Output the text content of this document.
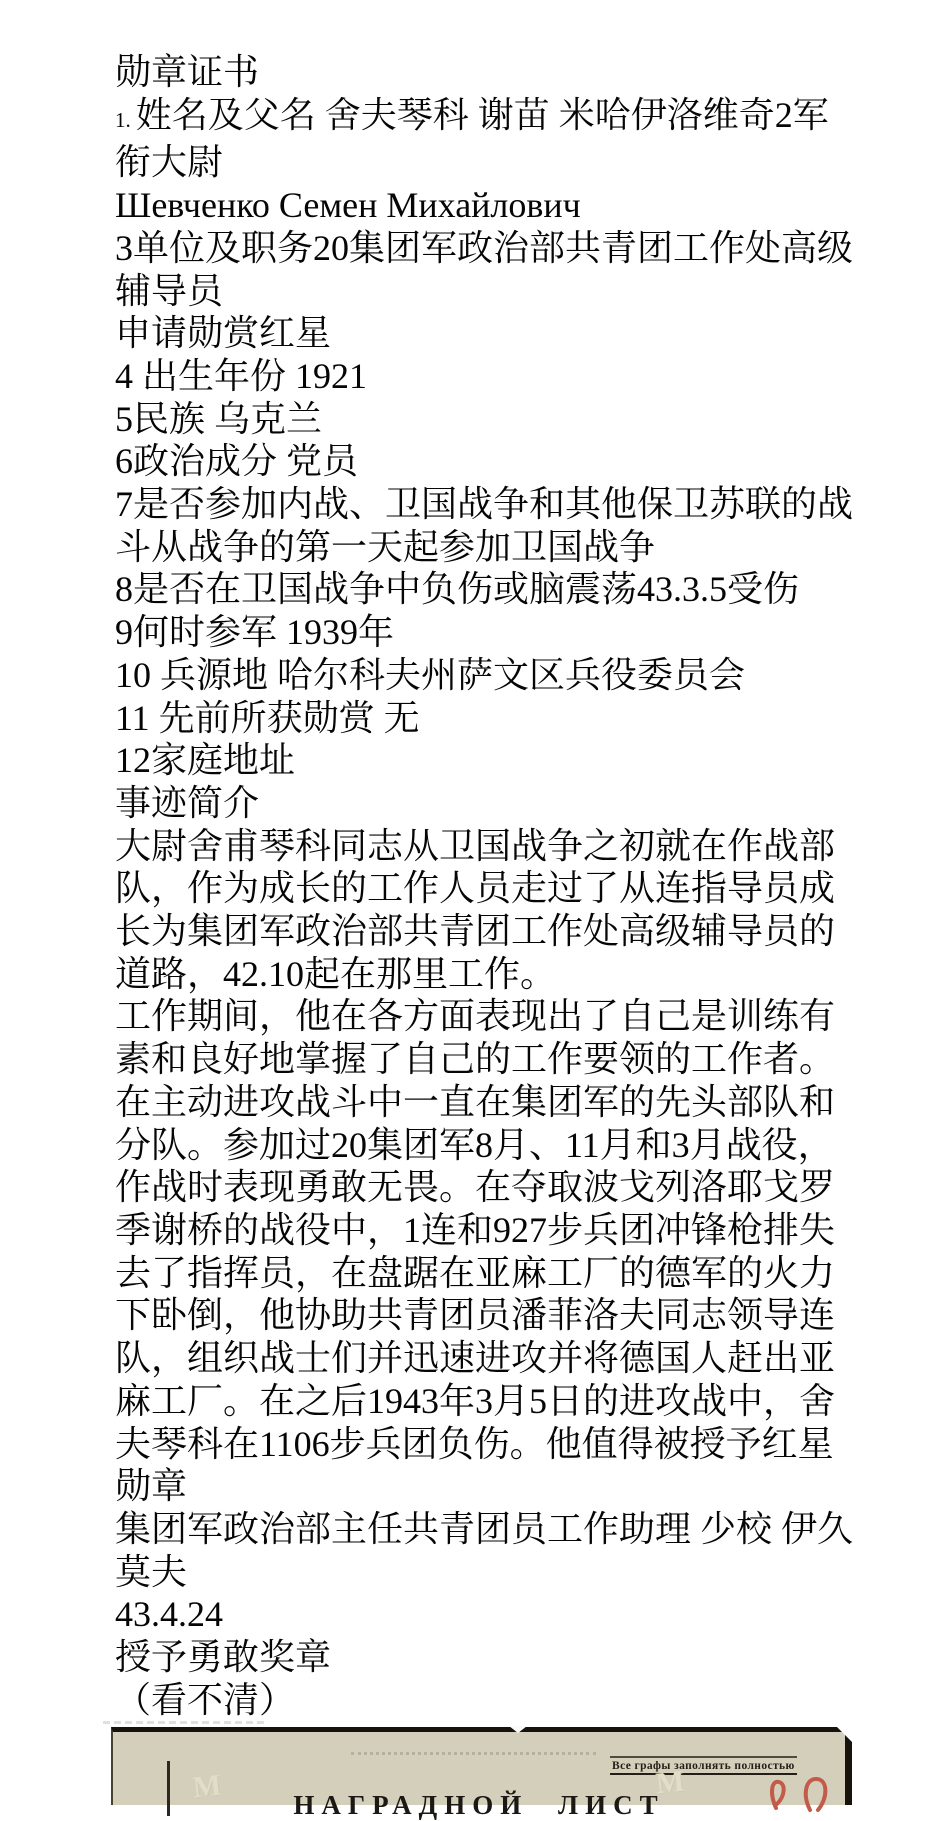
勋章证书
1. 姓名及父名 舍夫琴科 谢苗 米哈伊洛维奇2军
衔大尉
Шевченко Семен Михайлович
3单位及职务20集团军政治部共青团工作处高级
辅导员
申请勋赏红星
4 出生年份 1921
5民族 乌克兰
6政治成分 党员
7是否参加内战、卫国战争和其他保卫苏联的战
斗从战争的第一天起参加卫国战争
8是否在卫国战争中负伤或脑震荡43.3.5受伤
9何时参军 1939年
10 兵源地 哈尔科夫州萨文区兵役委员会
11 先前所获勋赏 无
12家庭地址
事迹简介
大尉舍甫琴科同志从卫国战争之初就在作战部
队，作为成长的工作人员走过了从连指导员成
长为集团军政治部共青团工作处高级辅导员的
道路，42.10起在那里工作。
工作期间，他在各方面表现出了自己是训练有
素和良好地掌握了自己的工作要领的工作者。
在主动进攻战斗中一直在集团军的先头部队和
分队。参加过20集团军8月、11月和3月战役，
作战时表现勇敢无畏。在夺取波戈列洛耶戈罗
季谢桥的战役中，1连和927步兵团冲锋枪排失
去了指挥员，在盘踞在亚麻工厂的德军的火力
下卧倒，他协助共青团员潘菲洛夫同志领导连
队，组织战士们并迅速进攻并将德国人赶出亚
麻工厂。在之后1943年3月5日的进攻战中，舍
夫琴科在1106步兵团负伤。他值得被授予红星
勋章
集团军政治部主任共青团员工作助理 少校 伊久
莫夫
43.4.24
授予勇敢奖章
（看不清）
Все графы заполнять полностью
М	М
НАГРАДНОЙ ЛИСТ
